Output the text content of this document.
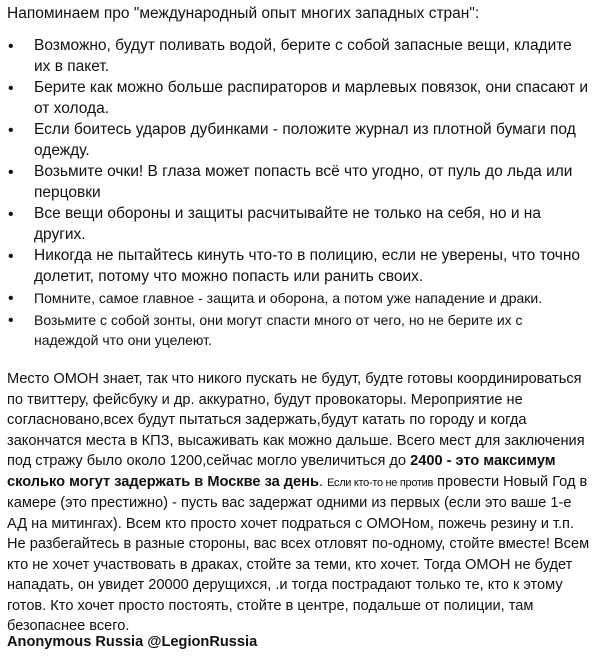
Напоминаем про "международный опыт многих западных стран":

• Возможно, будут поливать водой, берите с собой запасные вещи, кладите их в пакет.
• Берите как можно больше распираторов и марлевых повязок, они спасают и от холода.
• Если боитесь ударов дубинками - положите журнал из плотной бумаги под одежду.
• Возьмите очки! В глаза может попасть всё что угодно, от пуль до льда или перцовки
• Все вещи обороны и защиты расчитывайте не только на себя, но и на других.
• Никогда не пытайтесь кинуть что-то в полицию, если не уверены, что точно долетит, потому что можно попасть или ранить своих.
• Помните, самое главное - защита и оборона, а потом уже нападение и драки.
• Возьмите с собой зонты, они могут спасти много от чего, но не берите их с надеждой что они уцелеют.

Место ОМОН знает, так что никого пускать не будут, будте готовы координироваться по твиттеру, фейсбуку и др. аккуратно, будут провокаторы. Мероприятие не согласновано,всех будут пытаться задержать,будут катать по городу и когда закончатся места в КПЗ, высаживать как можно дальше. Всего мест для заключения под стражу было около 1200,сейчас могло увеличиться до 2400 - это максимум сколько могут задержать в Москве за день. Если кто-то не против провести Новый Год в камере (это престижно) - пусть вас задержат одними из первых (если это ваше 1-е АД на митингах). Всем кто просто хочет подраться с ОМОНом, пожечь резину и т.п. Не разбегайтесь в разные стороны, вас всех отловят по-одному, стойте вместе! Всем кто не хочет участвовать в драках, стойте за теми, кто хочет. Тогда ОМОН не будет нападать, он увидет 20000 дерущихся, .и тогда пострадают только те, кто к этому готов. Кто хочет просто постоять, стойте в центре, подальше от полиции, там безопаснее всего.

Anonymous Russia @LegionRussia
